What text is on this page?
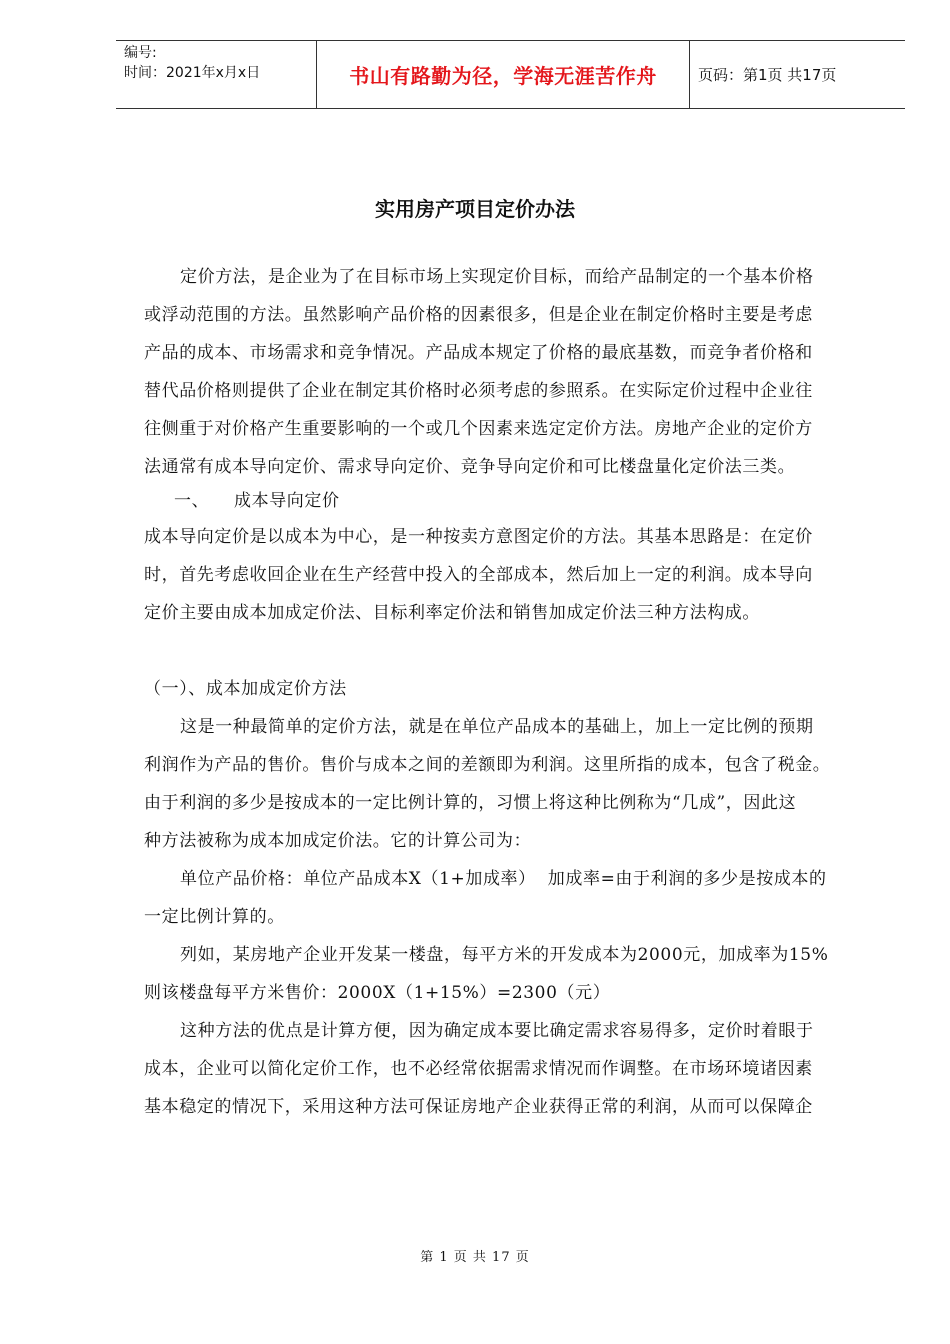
编号:
时间：2021年x月x日	书山有路勤为径，学海无涯苦作舟	页码：第1页 共17页
实用房产项目定价办法
定价方法，是企业为了在目标市场上实现定价目标，而给产品制定的一个基本价格
或浮动范围的方法。虽然影响产品价格的因素很多，但是企业在制定价格时主要是考虑
产品的成本、市场需求和竞争情况。产品成本规定了价格的最底基数，而竞争者价格和
替代品价格则提供了企业在制定其价格时必须考虑的参照系。在实际定价过程中企业往
往侧重于对价格产生重要影响的一个或几个因素来选定定价方法。房地产企业的定价方
法通常有成本导向定价、需求导向定价、竞争导向定价和可比楼盘量化定价法三类。
一、 成本导向定价
成本导向定价是以成本为中心，是一种按卖方意图定价的方法。其基本思路是：在定价
时，首先考虑收回企业在生产经营中投入的全部成本，然后加上一定的利润。成本导向
定价主要由成本加成定价法、目标利率定价法和销售加成定价法三种方法构成。
（一）、成本加成定价方法
这是一种最简单的定价方法，就是在单位产品成本的基础上，加上一定比例的预期
利润作为产品的售价。售价与成本之间的差额即为利润。这里所指的成本，包含了税金。
由于利润的多少是按成本的一定比例计算的，习惯上将这种比例称为“几成”，因此这
种方法被称为成本加成定价法。它的计算公司为：
单位产品价格：单位产品成本X（1+加成率）  加成率=由于利润的多少是按成本的
一定比例计算的。
列如，某房地产企业开发某一楼盘，每平方米的开发成本为2000元，加成率为15%
则该楼盘每平方米售价：2000X（1+15%）=2300（元）
这种方法的优点是计算方便，因为确定成本要比确定需求容易得多，定价时着眼于
成本，企业可以简化定价工作，也不必经常依据需求情况而作调整。在市场环境诸因素
基本稳定的情况下，采用这种方法可保证房地产企业获得正常的利润，从而可以保障企
第 1 页 共 17 页
